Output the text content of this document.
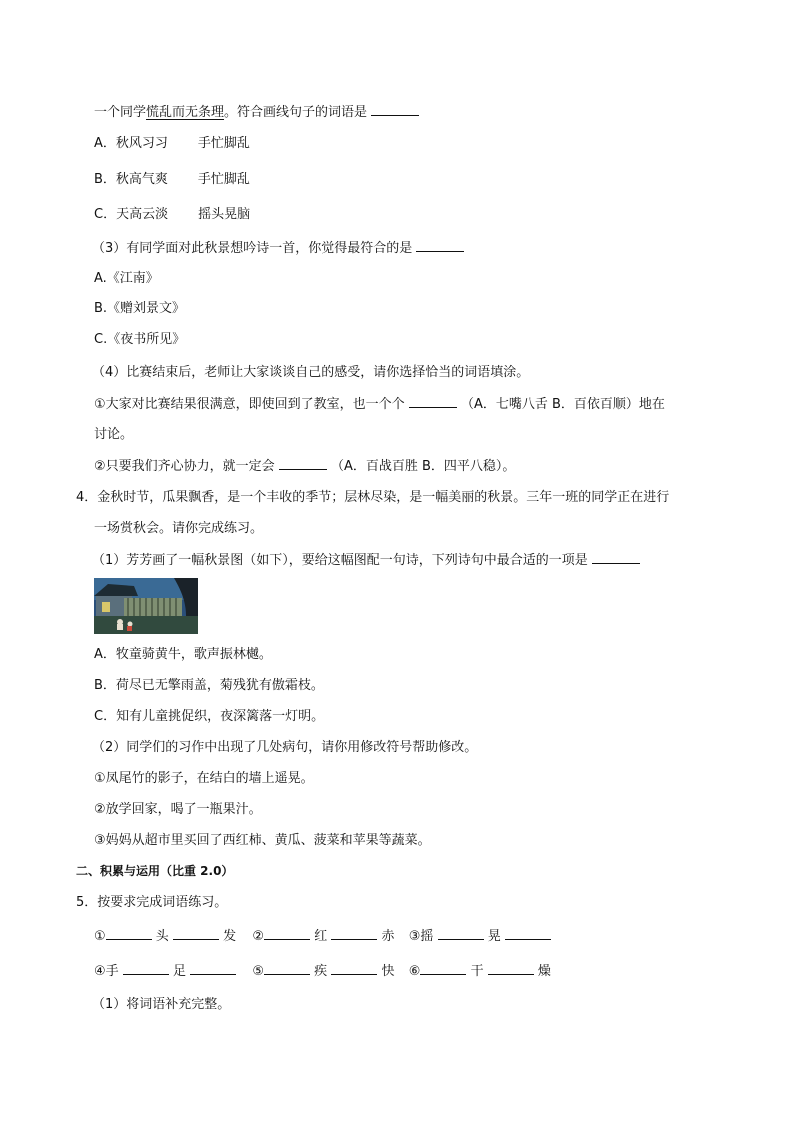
一个同学慌乱而无条理。符合画线句子的词语是
A．秋风习习 手忙脚乱
B．秋高气爽 手忙脚乱
C．天高云淡 摇头晃脑
（3）有同学面对此秋景想吟诗一首，你觉得最符合的是
A.《江南》
B.《赠刘景文》
C.《夜书所见》
（4）比赛结束后，老师让大家谈谈自己的感受，请你选择恰当的词语填涂。
①大家对比赛结果很满意，即使回到了教室，也一个个	（A．七嘴八舌 B．百依百顺）地在
讨论。
②只要我们齐心协力，就一定会	（A．百战百胜 B．四平八稳）。
4．金秋时节，瓜果飘香，是一个丰收的季节；层林尽染，是一幅美丽的秋景。三年一班的同学正在进行
一场赏秋会。请你完成练习。
（1）芳芳画了一幅秋景图（如下），要给这幅图配一句诗，下列诗句中最合适的一项是
A．牧童骑黄牛，歌声振林樾。
B．荷尽已无擎雨盖，菊残犹有傲霜枝。
C．知有儿童挑促织，夜深篱落一灯明。
（2）同学们的习作中出现了几处病句，请你用修改符号帮助修改。
①凤尾竹的影子，在结白的墙上遥晃。
②放学回家，喝了一瓶果汁。
③妈妈从超市里买回了西红柿、黄瓜、菠菜和苹果等蔬菜。
二、积累与运用（比重 2.0）
5．按要求完成词语练习。
①	头	发 ②	红	赤 ③摇	晃
④手	足	⑤	疾	快 ⑥	干	燥
（1）将词语补充完整。
